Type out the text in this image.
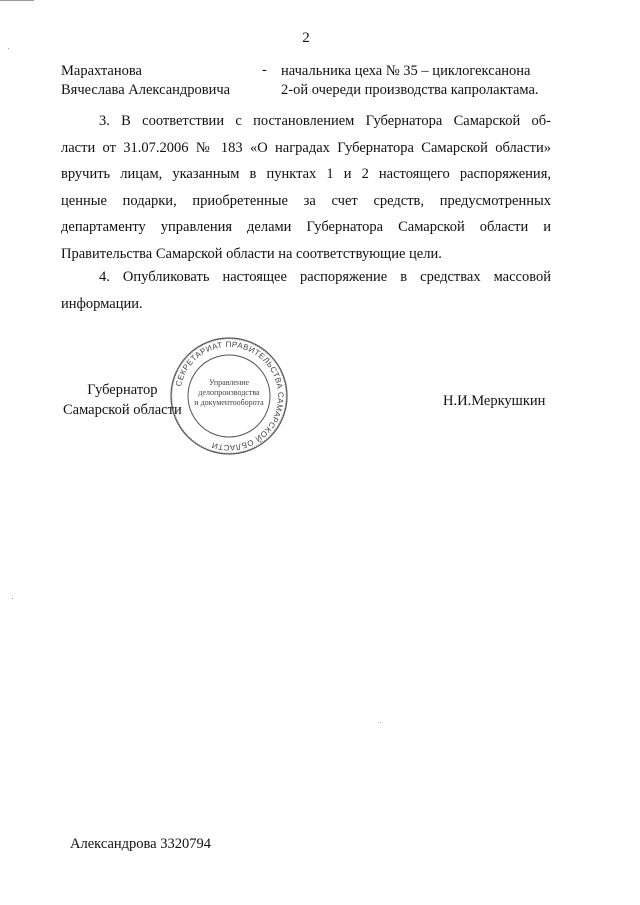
2
Марахтанова
Вячеслава Александровича
- начальника цеха № 35 – циклогексанона
2-ой очереди производства капролактама.
3. В соответствии с постановлением Губернатора Самарской об-
ласти от 31.07.2006 № 183 «О наградах Губернатора Самарской области»
вручить лицам, указанным в пунктах 1 и 2 настоящего распоряжения,
ценные подарки, приобретенные за счет средств, предусмотренных
департаменту управления делами Губернатора Самарской области и
Правительства Самарской области на соответствующие цели.
4. Опубликовать настоящее распоряжение в средствах массовой
информации.
Губернатор
Самарской области
СЕКРЕТАРИАТ ПРАВИТЕЛЬСТВА САМАРСКОЙ ОБЛАСТИ
Управление
делопроизводства
и документооборота	Н.И.Меркушкин
Александрова 3320794
